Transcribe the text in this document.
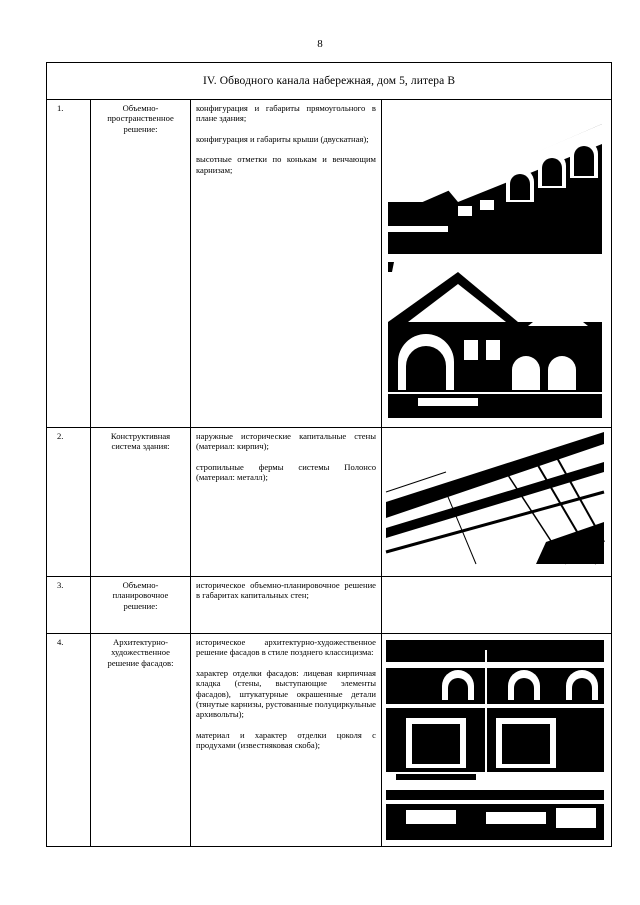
8
IV. Обводного канала набережная, дом 5, литера В			
1.	Объемно-пространственное решение:	конфигурация и габариты прямоугольного в плане здания;

конфигурация и габариты крыши (двускатная);

высотные отметки по конькам и венчающим карнизам;

2.	Конструктивная система здания:	наружные исторические капитальные стены (материал: кирпич);

стропильные фермы системы Полонсо (материал: металл);

3.	Объемно-планировочное решение:	историческое объемно-планировочное решение в габаритах капитальных стен;	

4.	Архитектурно-художественное решение фасадов:	историческое архитектурно-художественное решение фасадов в стиле позднего классицизма:

характер отделки фасадов: лицевая кирпичная кладка (стены, выступающие элементы фасадов), штукатурные окрашенные детали (тянутые карнизы, рустованные полуциркульные архивольты);

материал и характер отделки цоколя с продухами (известняковая скоба);
